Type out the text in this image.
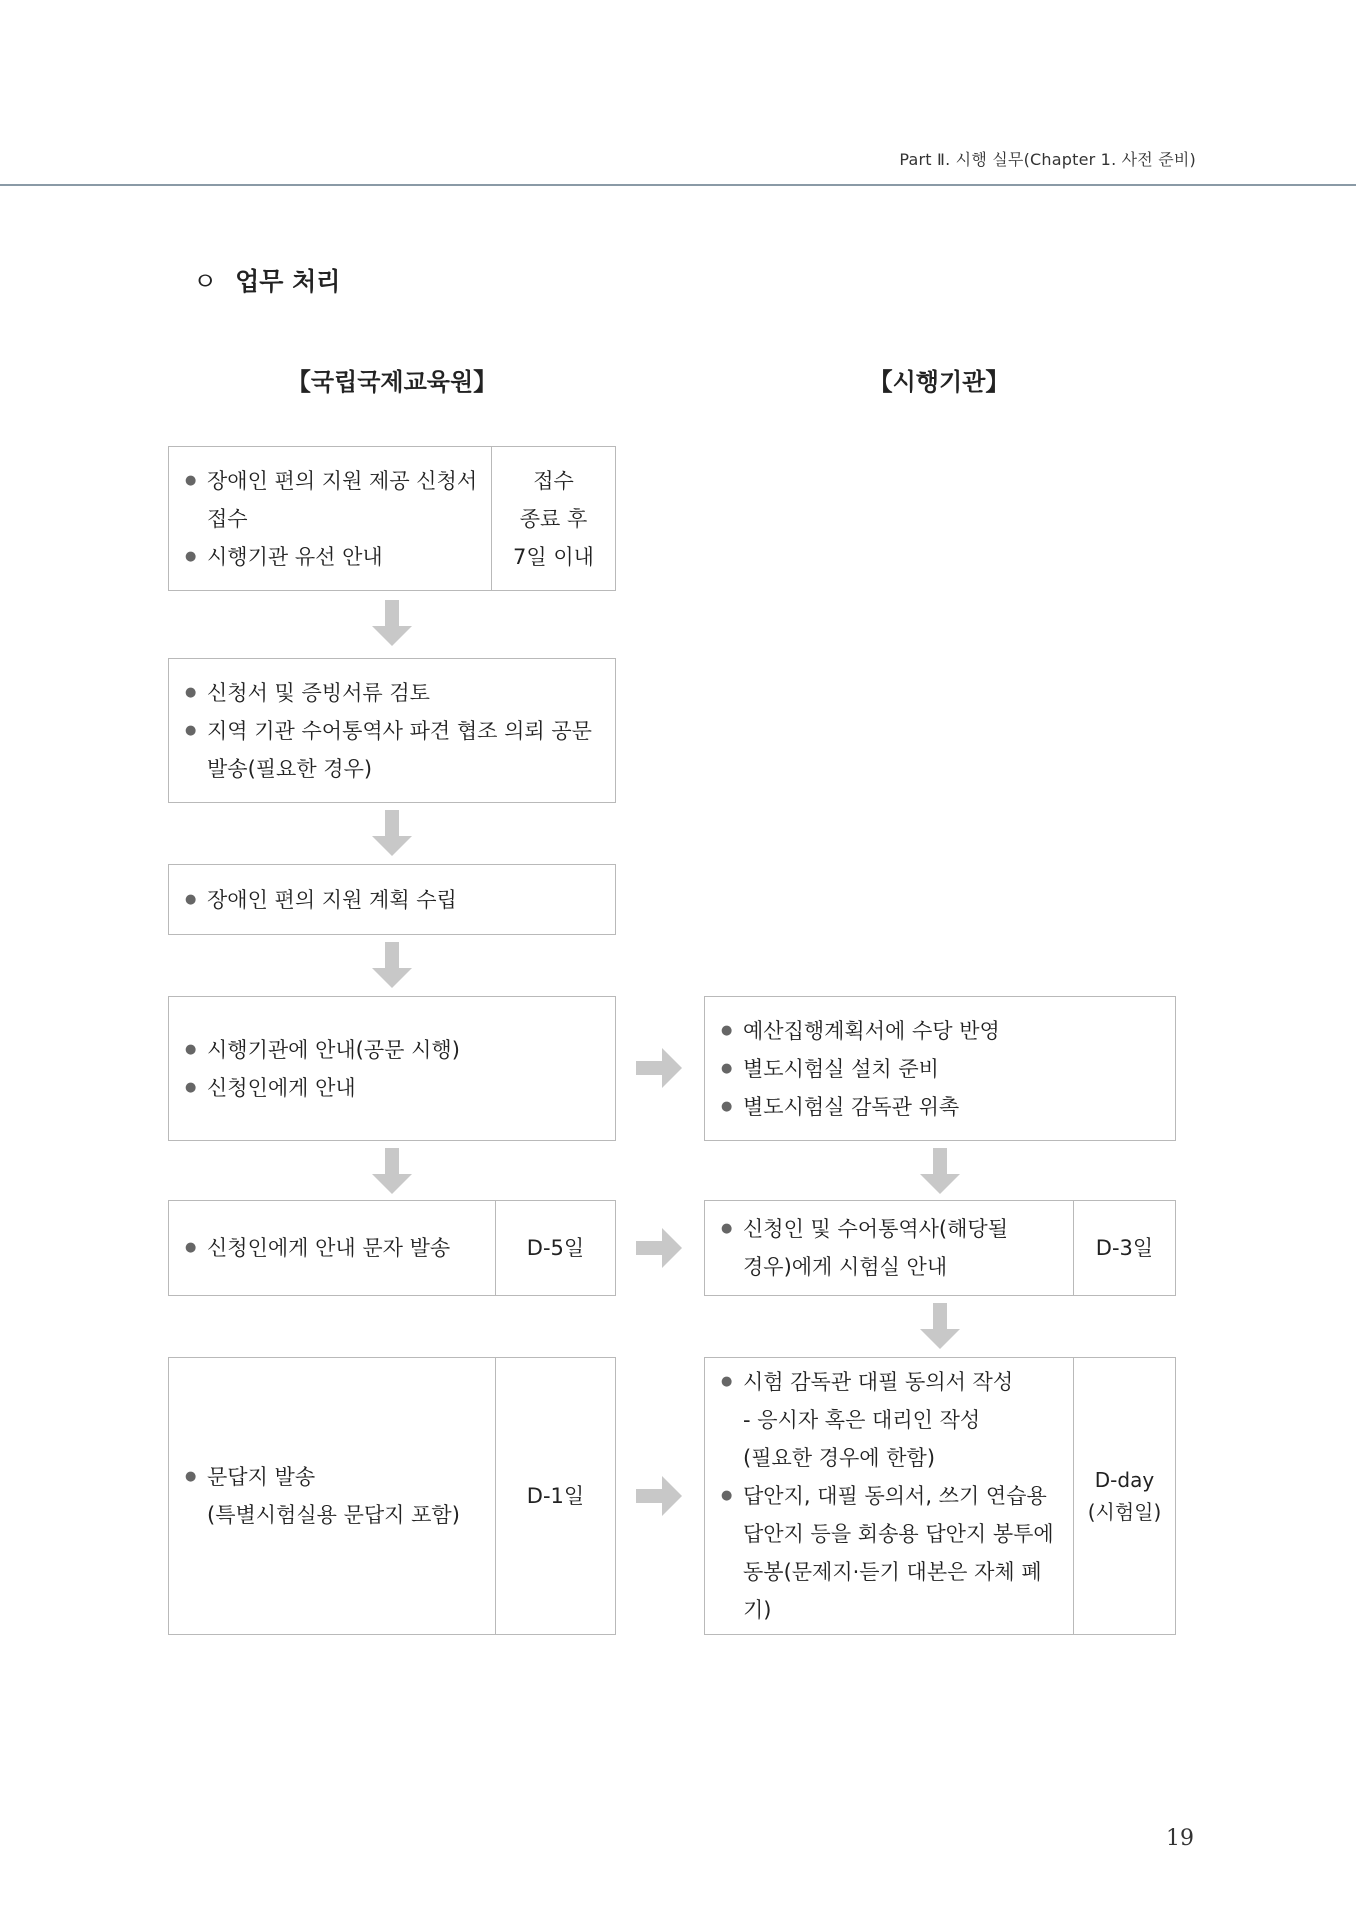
Part Ⅱ. 시행 실무(Chapter 1. 사전 준비)
ㅇ 업무 처리
【국립국제교육원】	【시행기관】
● 장애인 편의 지원 제공 신청서
접수
● 시행기관 유선 안내
접수
종료 후
7일 이내
● 신청서 및 증빙서류 검토
● 지역 기관 수어통역사 파견 협조 의뢰 공문
발송(필요한 경우)
● 장애인 편의 지원 계획 수립
● 시행기관에 안내(공문 시행)
● 신청인에게 안내
● 신청인에게 안내 문자 발송	D-5일
● 문답지 발송
(특별시험실용 문답지 포함)
D-1일
● 예산집행계획서에 수당 반영
● 별도시험실 설치 준비
● 별도시험실 감독관 위촉
● 신청인 및 수어통역사(해당될
경우)에게 시험실 안내
D-3일
● 시험 감독관 대필 동의서 작성
- 응시자 혹은 대리인 작성
(필요한 경우에 한함)
● 답안지, 대필 동의서, 쓰기 연습용
답안지 등을 회송용 답안지 봉투에
동봉(문제지·듣기 대본은 자체 폐기)
D-day
(시험일)
19
